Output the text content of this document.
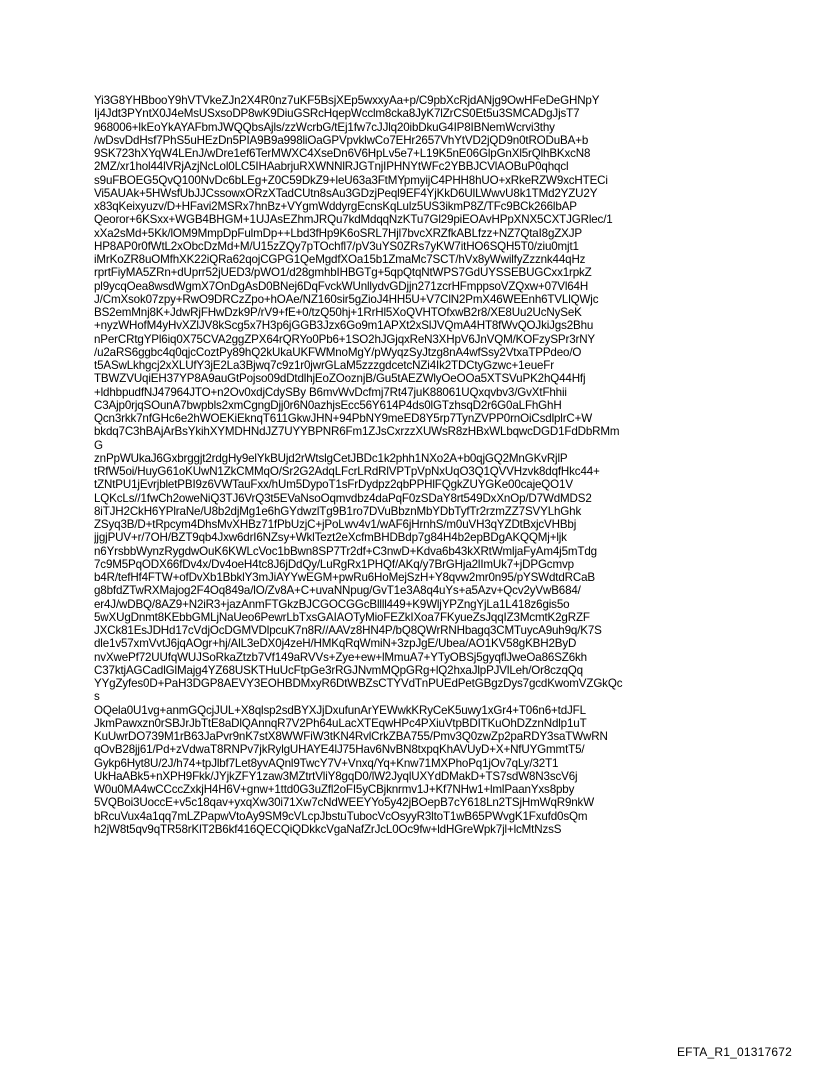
Yi3G8YHBbooY9hVTVkeZJn2X4R0nz7uKF5BsjXEp5wxxyAa+p/C9pbXcRjdANjg9OwHFeDeGHNpY
Ij4Jdt3PYntX0J4eMsUSxsoDP8wK9DiuGSRcHqepWcclm8cka8JyK7lZrCS0Et5u3SMCADgJjsT7
968006+lkEoYkAYAFbmJWQQbsAjls/zzWcrbG/tEj1fw7cJJlq20ibDkuG4IP8IBNemWcrvi3thy
/wDsvDdHsf7PhS5uHEzDn5PIA9B9a998liOaGPVpvklwCo7EHr2657VhYtVD2jQD9n0tRODuBA+b
9SK723hXYqW4LEnJ/wDre1ef6TerMWXC4XseDn6V6HpLv5e7+L19K5nE06GlpGnXl5rQlhBKxcN8
2MZ/xr1hol44lVRjAzjNcLol0LC5IHAabrjuRXWNNlRJGTnjIPHNYtWFc2YBBJCVlAOBuP0qhqcl
s9uFBOEG5QvQ100NvDc6bLEg+Z0C59DkZ9+leU63a3FtMYpmyijC4PHH8hUO+xRkeRZW9xcHTECi
Vi5AUAk+5HWsfUbJJCssowxORzXTadCUtn8sAu3GDzjPeql9EF4YjKkD6UlLWwvU8k1TMd2YZU2Y
x83qKeixyuzv/D+HFavi2MSRx7hnBz+VYgmWddyrgEcnsKqLulz5US3ikmP8Z/TFc9BCk266lbAP
Qeoror+6KSxx+WGB4BHGM+1UJAsEZhmJRQu7kdMdqqNzKTu7Gl29piEOAvHPpXNX5CXTJGRlec/1
xXa2sMd+5Kk/lOM9MmpDpFulmDp++Lbd3fHp9K6oSRL7Hjl7bvcXRZfkABLfzz+NZ7QtaI8gZXJP
HP8AP0r0fWtL2xObcDzMd+M/U15zZQy7pTOchfl7/pV3uYS0ZRs7yKW7itHO6SQH5T0/ziu0mjt1
iMrKoZR8uOMfhXK22iQRa62qojCGPG1QeMgdfXOa15b1ZmaMc7SCT/hVx8yWwilfyZzznk44qHz
rprtFiyMA5ZRn+dUprr52jUED3/pWO1/d28gmhbIHBGTg+5qpQtqNtWPS7GdUYSSEBUGCxx1rpkZ
pl9ycqOea8wsdWgmX7OnDgAsD0BNej6DqFvckWUnllydvGDjjn271zcrHFmppsoVZQxw+07Vl64H
J/CmXsok07zpy+RwO9DRCzZpo+hOAe/NZ160sir5gZioJ4HH5U+V7ClN2PmX46WEEnh6TVLlQWjc
BS2emMnj8K+JdwRjFHwDzk9P/rV9+fE+0/tzQ50hj+1RrHl5XoQVHTOfxwB2r8/XE8Uu2UcNySeK
+nyzWHofM4yHvXZlJV8kScg5x7H3p6jGGB3Jzx6Go9m1APXt2xSlJVQmA4HT8fWvQOJkiJgs2Bhu
nPerCRtgYPl6iq0X75CVA2ggZPX64rQRYo0Pb6+1SO2hJGjqxReN3XHpV6JnVQM/KOFzySPr3rNY
/u2aRS6ggbc4q0qjcCoztPy89hQ2kUkaUKFWMnoMgY/pWyqzSyJtzg8nA4wfSsy2VtxaTPPdeo/O
t5ASwLkhgcj2xXLUfY3jE2La3Bjwq7c9z1r0jwrGLaM5zzzgdcetcNZi4Ik2TDCtyGzwc+1eueFr
TBWZVUqiEH37YP8A9auGtPojso09dDtdlhjEoZOoznjB/Gu5tAEZWlyOeOOa5XTSVuPK2hQ44Hfj
+ldhbpudfNJ47964JTO+n2Ov0xdjCdySBy B6mvWvDcfmj7Rt47juK88061UQxqvbv3/GvXtFhhii
C3Ajp0rjqSOunA7bwpbls2xmCgngDjj0r6N0azhjsEcc56Y614P4ds0lGTzhsqD2r6G0aLFhGhH
Qcn3rkk7nfGHc6e2hWOEKiEknqT611GkwJHN+94PbNY9meED8Y5rp7TynZVPP0rnOiCsdlplrC+W
bkdq7C3hBAjArBsYkihXYMDHNdJZ7UYYBPNR6Fm1ZJsCxrzzXUWsR8zHBxWLbqwcDGD1FdDbRMm
G
znPpWUkaJ6Gxbrggjt2rdgHy9elYkBUjd2rWtslgCetJBDc1k2phh1NXo2A+b0qjGQ2MnGKvRjlP
tRfW5oi/HuyG61oKUwN1ZkCMMqO/Sr2G2AdqLFcrLRdRlVPTpVpNxUqO3Q1QVVHzvk8dqfHkc44+
tZNtPU1jEvrjbletPBI9z6VWTauFxx/hUm5DypoT1sFrDydpz2qbPPHlFQgkZUYGKe00cajeQO1V
LQKcLs//1fwCh2oweNiQ3TJ6VrQ3t5EVaNsoOqmvdbz4daPqF0zSDaY8rt549DxXnOp/D7WdMDS2
8iTJH2CkH6YPlraNe/U8b2djMg1e6hGYdwzlTg9B1ro7DVuBbznMbYDbTyfTr2rzmZZ7SVYLhGhk
ZSyq3B/D+tRpcym4DhsMvXHBz71fPbUzjC+jPoLwv4v1/wAF6jHrnhS/m0uVH3qYZDtBxjcVHBbj
jjgjPUV+r/7OH/BZT9qb4Jxw6drI6NZsy+WklTezt2eXcfmBHDBdp7g84H4b2epBDgAKQQMj+ljk
n6YrsbbWynzRygdwOuK6KWLcVoc1bBwn8SP7Tr2df+C3nwD+Kdva6b43kXRtWmljaFyAm4j5mTdg
7c9M5PqODX66fDv4x/Dv4oeH4tc8J6jDdQy/LuRgRx1PHQf/AKq/y7BrGHja2lImUk7+jDPGcmvp
b4R/tefHf4FTW+ofDvXb1BbklY3mJiAYYwEGM+pwRu6HoMejSzH+Y8qvw2mr0n95/pYSWdtdRCaB
g8bfdZTwRXMajog2F4Oq849a/lO/Zv8A+C+uvaNNpug/GvT1e3A8q4uYs+a5Azv+Qcv2yVwB684/
er4J/wDBQ/8AZ9+N2iR3+jazAnmFTGkzBJCGOCGGcBllll449+K9WljYPZngYjLa1L418z6gis5o
5wXUgDnmt8KEbbGMLjNaUeo6PewrLbTxsGAIAOTyMioFEZkIXoa7FKyueZsJqqIZ3McmtK2gRZF
JXCk81EsJDHd17cVdjOcDGMVDlpcuK7n8R//AAVz8HN4P/bQ8QWrRNHbagq3CMTuycA9uh9q/K7S
dle1v57xmVvtJ6jqAOgr+hj/AlL3eDX0j4zeH/HMKqRqWmiN+3zpJgE/Ubea/AO1KV58gKBH2ByD
nvXwePf72UUfqWUJSoRkaZtzb7Vf149aRVVs+Zye+ew+lMmuA7+YTyOBSj5gyqflJweOa86SZ6kh
C37ktjAGCadlGlMajg4YZ68USKTHuUcFtpGe3rRGJNvmMQpGRg+lQ2hxaJlpPJVlLeh/Or8czqQq
YYgZyfes0D+PaH3DGP8AEVY3EOHBDMxyR6DtWBZsCTYVdTnPUEdPetGBgzDys7gcdKwomVZGkQc
s
OQela0U1vg+anmGQcjJUL+X8qlsp2sdBYXJjDxufunArYEWwkKRyCeK5uwy1xGr4+T06n6+tdJFL
JkmPawxzn0rSBJrJbTtE8aDlQAnnqR7V2Ph64uLacXTEqwHPc4PXiuVtpBDITKuOhDZznNdlp1uT
KuUwrDO739M1rB63JaPvr9nK7stX8WWFiW3tKN4RvlCrkZBA755/Pmv3Q0zwZp2paRDY3saTWwRN
qOvB28jj61/Pd+zVdwaT8RNPv7jkRylgUHAYE4lJ75Hav6NvBN8txpqKhAVUyD+X+NfUYGmmtT5/
Gykp6Hyt8U/2J/h74+tpJlbf7Let8yvAQnl9TwcY7V+Vnxq/Yq+Knw71MXPhoPq1jOv7qLy/32T1
UkHaABk5+nXPH9Fkk/JYjkZFY1zaw3MZtrtVliY8gqD0/lW2JyqlUXYdDMakD+TS7sdW8N3scV6j
W0u0MA4wCCccZxkjH4H6V+gnw+1ttd0G3uZfl2oFI5yCBjknrmv1J+Kf7NHw1+lmlPaanYxs8pby
5VQBoi3UoccE+v5c18qav+yxqXw30i71Xw7cNdWEEYYo5y42jBOepB7cY618Ln2TSjHmWqR9nkW
bRcuVux4a1qq7mLZPapwVtoAy9SM9cVLcpJbstuTubocVcOsyyR3ltoT1wB65PWvgK1Fxufd0sQm
h2jW8t5qv9qTR58rKlT2B6kf416QECQiQDkkcVgaNafZrJcL0Oc9fw+ldHGreWpk7jl+lcMtNzsS
EFTA_R1_01317672
